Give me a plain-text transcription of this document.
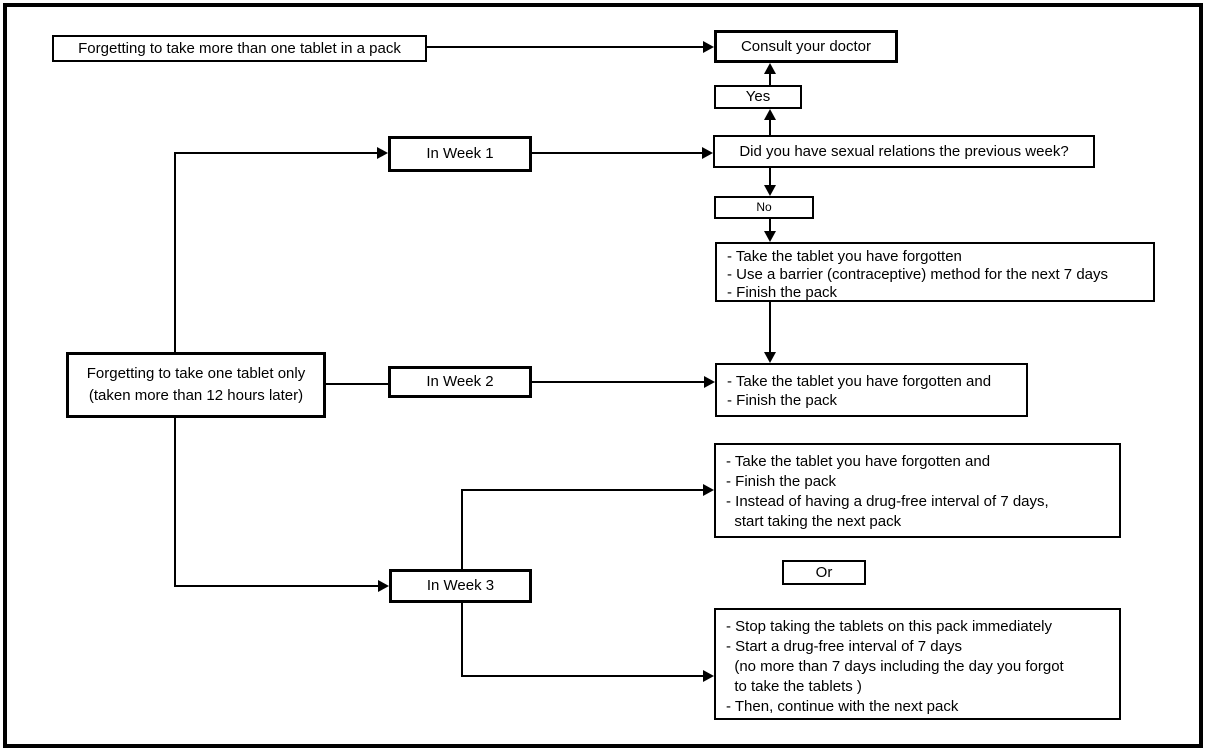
Forgetting to take more than one tablet in a pack	Consult your doctor
Yes
Did you have sexual relations the previous week?
No
- Take the tablet you have forgotten
- Use a barrier (contraceptive) method for the next 7 days
- Finish the pack
Forgetting to take one tablet only
(taken more than 12 hours later)
In Week 1
In Week 2	- Take the tablet you have forgotten and
- Finish the pack
- Take the tablet you have forgotten and
- Finish the pack
- Instead of having a drug-free interval of 7 days,
start taking the next pack
Or
In Week 3
- Stop taking the tablets on this pack immediately
- Start a drug-free interval of 7 days
(no more than 7 days including the day you forgot
to take the tablets )
- Then, continue with the next pack
